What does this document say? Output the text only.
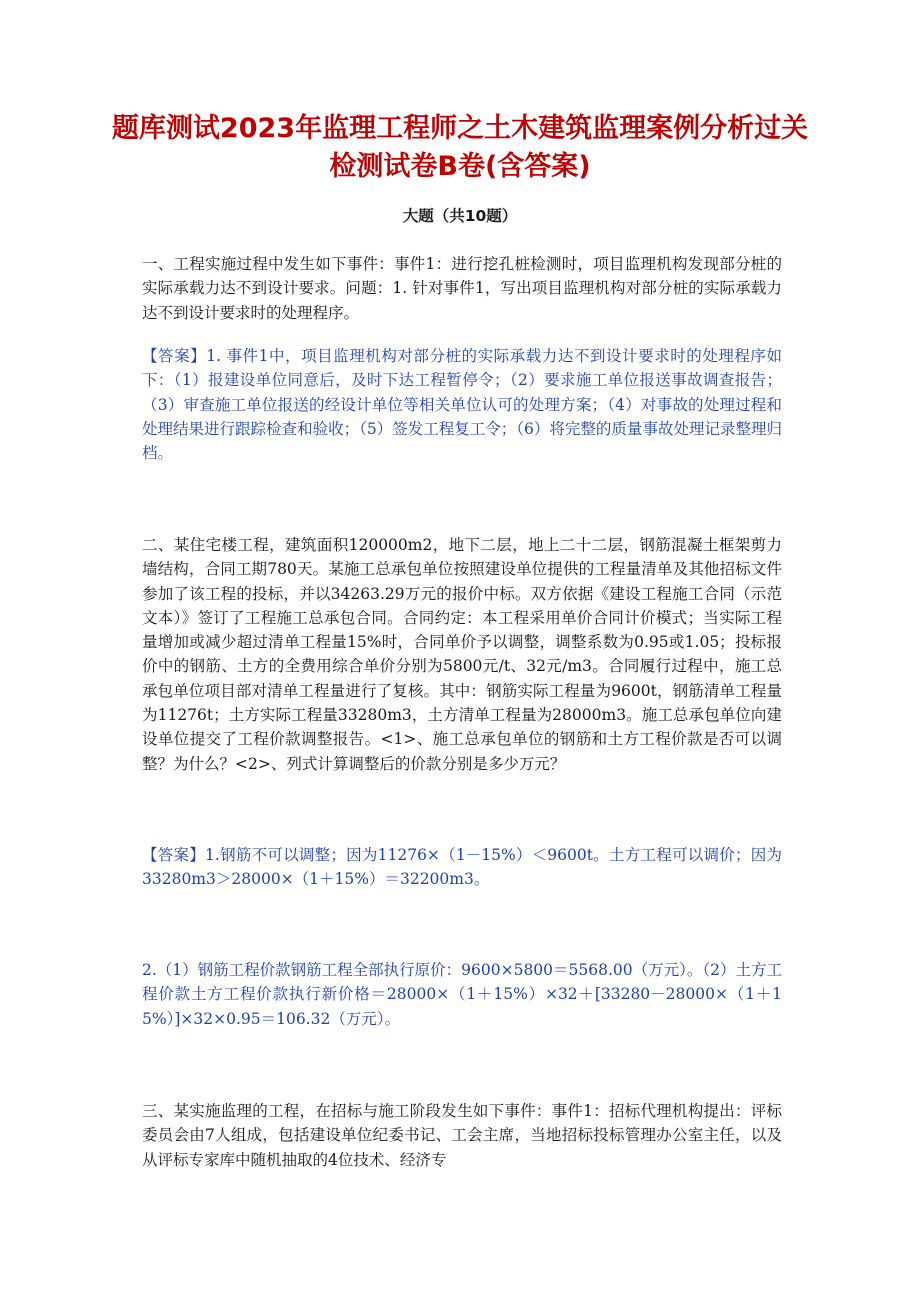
题库测试2023年监理工程师之土木建筑监理案例分析过关检测试卷B卷(含答案)
大题（共10题）

一、工程实施过程中发生如下事件：事件1：进行挖孔桩检测时，项目监理机构发现部分桩的实际承载力达不到设计要求。问题：1. 针对事件1，写出项目监理机构对部分桩的实际承载力达不到设计要求时的处理程序。

【答案】1. 事件1中，项目监理机构对部分桩的实际承载力达不到设计要求时的处理程序如下：（1）报建设单位同意后，及时下达工程暂停令；（2）要求施工单位报送事故调查报告；（3）审查施工单位报送的经设计单位等相关单位认可的处理方案；（4）对事故的处理过程和处理结果进行跟踪检查和验收；（5）签发工程复工令；（6）将完整的质量事故处理记录整理归档。

二、某住宅楼工程，建筑面积120000m2，地下二层，地上二十二层，钢筋混凝土框架剪力墙结构，合同工期780天。某施工总承包单位按照建设单位提供的工程量清单及其他招标文件参加了该工程的投标，并以34263.29万元的报价中标。双方依据《建设工程施工合同（示范文本）》签订了工程施工总承包合同。合同约定：本工程采用单价合同计价模式；当实际工程量增加或减少超过清单工程量15%时，合同单价予以调整，调整系数为0.95或1.05；投标报价中的钢筋、土方的全费用综合单价分别为5800元/t、32元/m3。合同履行过程中，施工总承包单位项目部对清单工程量进行了复核。其中：钢筋实际工程量为9600t，钢筋清单工程量为11276t；土方实际工程量33280m3，土方清单工程量为28000m3。施工总承包单位向建设单位提交了工程价款调整报告。<1>、施工总承包单位的钢筋和土方工程价款是否可以调整？为什么？<2>、列式计算调整后的价款分别是多少万元？

【答案】1.钢筋不可以调整；因为11276×（1－15%）＜9600t。土方工程可以调价；因为33280m3＞28000×（1＋15%）＝32200m3。

2.（1）钢筋工程价款钢筋工程全部执行原价：9600×5800＝5568.00（万元）。（2）土方工程价款土方工程价款执行新价格＝28000×（1＋15%）×32＋[33280－28000×（1＋15%）]×32×0.95＝106.32（万元）。

三、某实施监理的工程，在招标与施工阶段发生如下事件：事件1：招标代理机构提出：评标委员会由7人组成，包括建设单位纪委书记、工会主席，当地招标投标管理办公室主任，以及从评标专家库中随机抽取的4位技术、经济专
